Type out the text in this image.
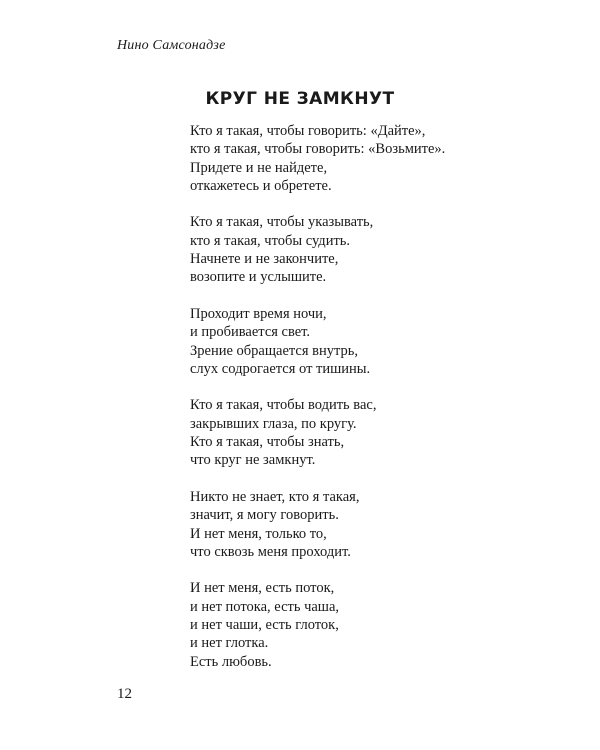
Нино Самсонадзе
КРУГ НЕ ЗАМКНУТ
Кто я такая, чтобы говорить: «Дайте»,
кто я такая, чтобы говорить: «Возьмите».
Придете и не найдете,
откажетесь и обретете.
Кто я такая, чтобы указывать,
кто я такая, чтобы судить.
Начнете и не закончите,
возопите и услышите.
Проходит время ночи,
и пробивается свет.
Зрение обращается внутрь,
слух содрогается от тишины.
Кто я такая, чтобы водить вас,
закрывших глаза, по кругу.
Кто я такая, чтобы знать,
что круг не замкнут.
Никто не знает, кто я такая,
значит, я могу говорить.
И нет меня, только то,
что сквозь меня проходит.
И нет меня, есть поток,
и нет потока, есть чаша,
и нет чаши, есть глоток,
и нет глотка.
Есть любовь.
12
